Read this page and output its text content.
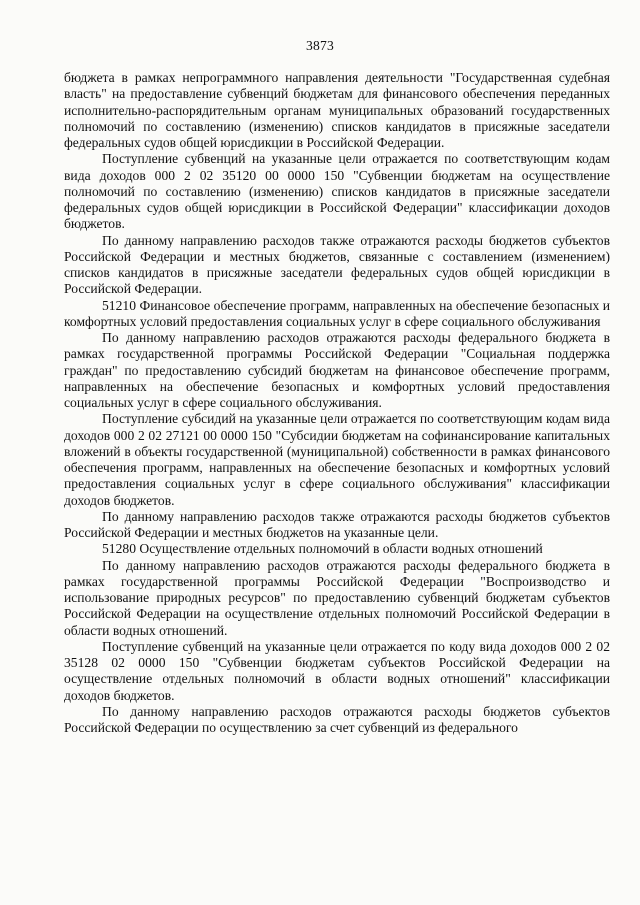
3873

бюджета в рамках непрограммного направления деятельности "Государственная судебная власть" на предоставление субвенций бюджетам для финансового обеспечения переданных исполнительно-распорядительным органам муниципальных образований государственных полномочий по составлению (изменению) списков кандидатов в присяжные заседатели федеральных судов общей юрисдикции в Российской Федерации.

Поступление субвенций на указанные цели отражается по соответствующим кодам вида доходов 000 2 02 35120 00 0000 150 "Субвенции бюджетам на осуществление полномочий по составлению (изменению) списков кандидатов в присяжные заседатели федеральных судов общей юрисдикции в Российской Федерации" классификации доходов бюджетов.

По данному направлению расходов также отражаются расходы бюджетов субъектов Российской Федерации и местных бюджетов, связанные с составлением (изменением) списков кандидатов в присяжные заседатели федеральных судов общей юрисдикции в Российской Федерации.

51210 Финансовое обеспечение программ, направленных на обеспечение безопасных и комфортных условий предоставления социальных услуг в сфере социального обслуживания

По данному направлению расходов отражаются расходы федерального бюджета в рамках государственной программы Российской Федерации "Социальная поддержка граждан" по предоставлению субсидий бюджетам на финансовое обеспечение программ, направленных на обеспечение безопасных и комфортных условий предоставления социальных услуг в сфере социального обслуживания.

Поступление субсидий на указанные цели отражается по соответствующим кодам вида доходов 000 2 02 27121 00 0000 150 "Субсидии бюджетам на софинансирование капитальных вложений в объекты государственной (муниципальной) собственности в рамках финансового обеспечения программ, направленных на обеспечение безопасных и комфортных условий предоставления социальных услуг в сфере социального обслуживания" классификации доходов бюджетов.

По данному направлению расходов также отражаются расходы бюджетов субъектов Российской Федерации и местных бюджетов на указанные цели.

51280 Осуществление отдельных полномочий в области водных отношений

По данному направлению расходов отражаются расходы федерального бюджета в рамках государственной программы Российской Федерации "Воспроизводство и использование природных ресурсов" по предоставлению субвенций бюджетам субъектов Российской Федерации на осуществление отдельных полномочий Российской Федерации в области водных отношений.

Поступление субвенций на указанные цели отражается по коду вида доходов 000 2 02 35128 02 0000 150 "Субвенции бюджетам субъектов Российской Федерации на осуществление отдельных полномочий в области водных отношений" классификации доходов бюджетов.

По данному направлению расходов отражаются расходы бюджетов субъектов Российской Федерации по осуществлению за счет субвенций из федерального
